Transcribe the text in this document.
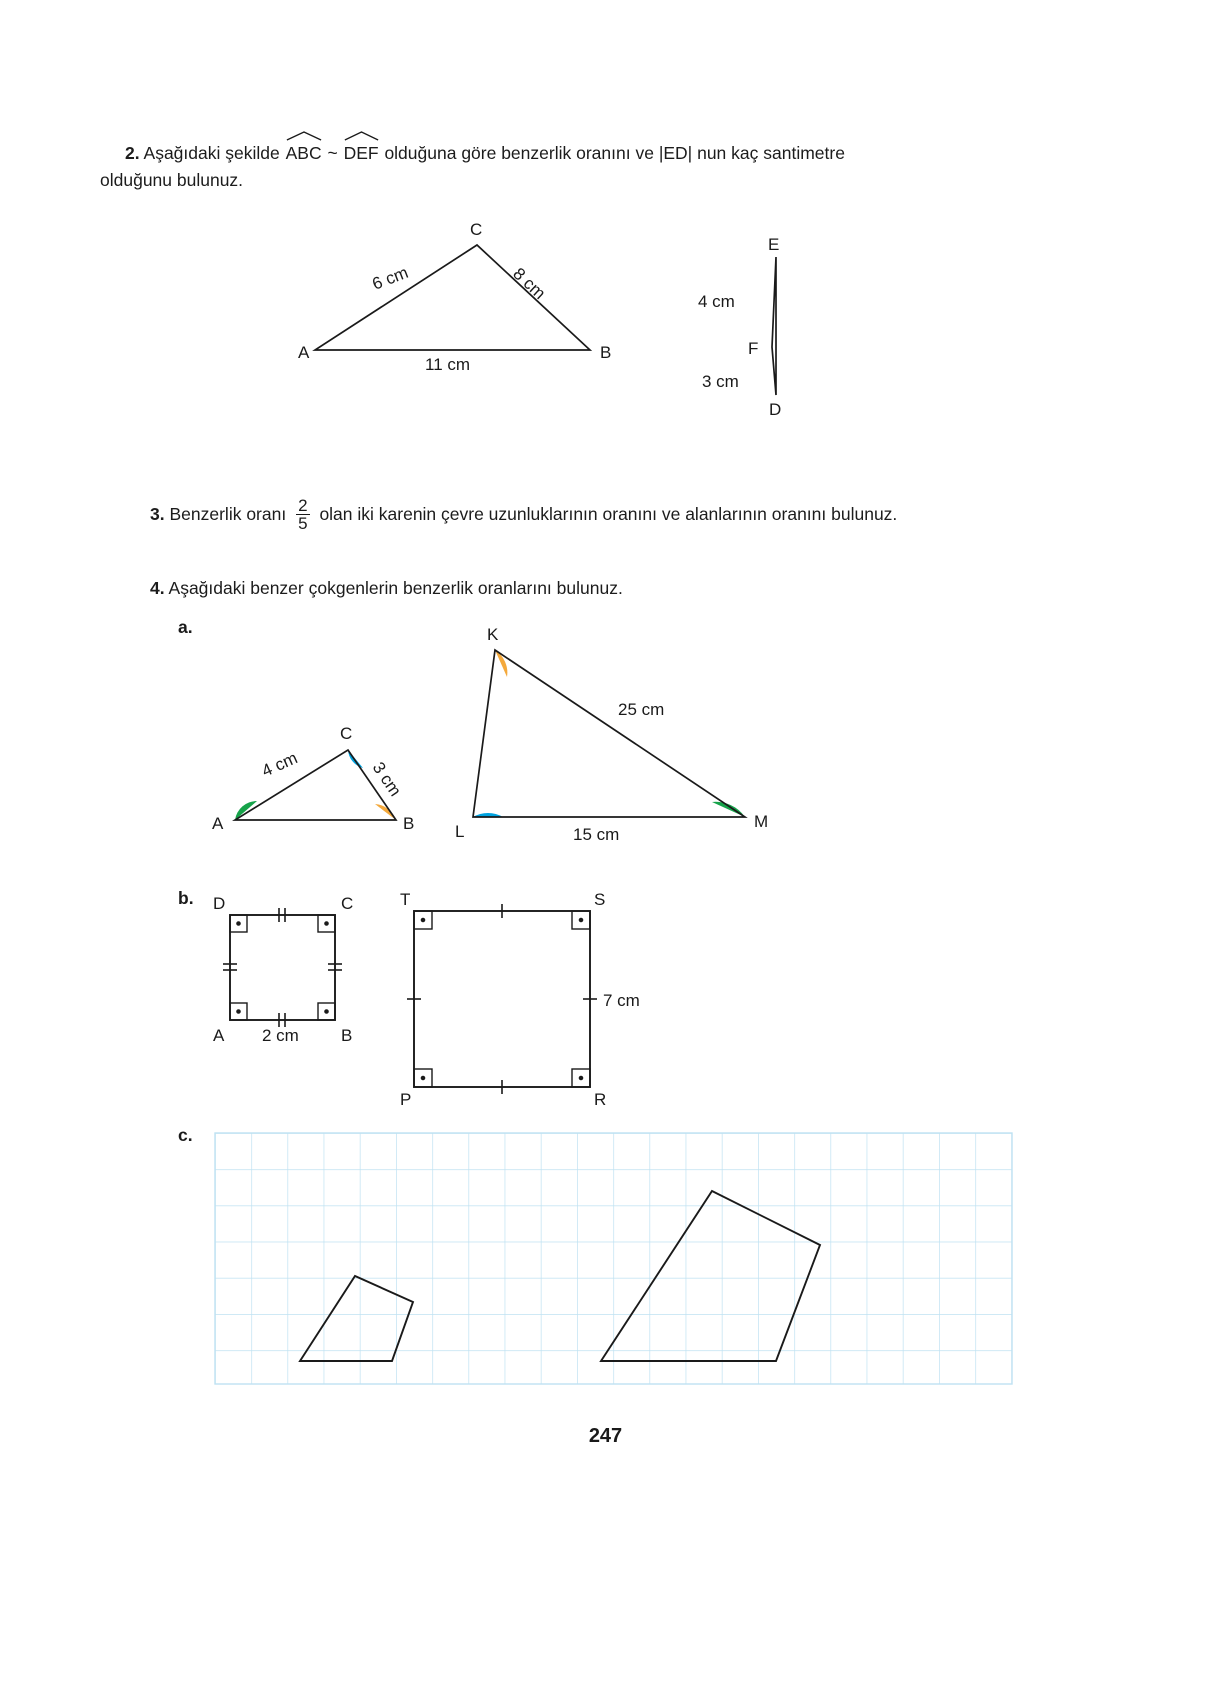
2. Aşağıdaki şekilde ABC ~ DEF olduğuna göre benzerlik oranını ve |ED| nun kaç santimetre
olduğunu bulunuz.
A	B
C
6 cm	8 cm
11 cm
E
F
D
4 cm
3 cm
3. Benzerlik oranı $\frac{2}{5}$ olan iki karenin çevre uzunluklarının oranını ve alanlarının oranını bulunuz.
4. Aşağıdaki benzer çokgenlerin benzerlik oranlarını bulunuz.
a.
b.
c.
A	B
C
4 cm	3 cm
K
L
M
25 cm
15 cm
D	C
A	B
2 cm
T	S
P	R
7 cm
247
